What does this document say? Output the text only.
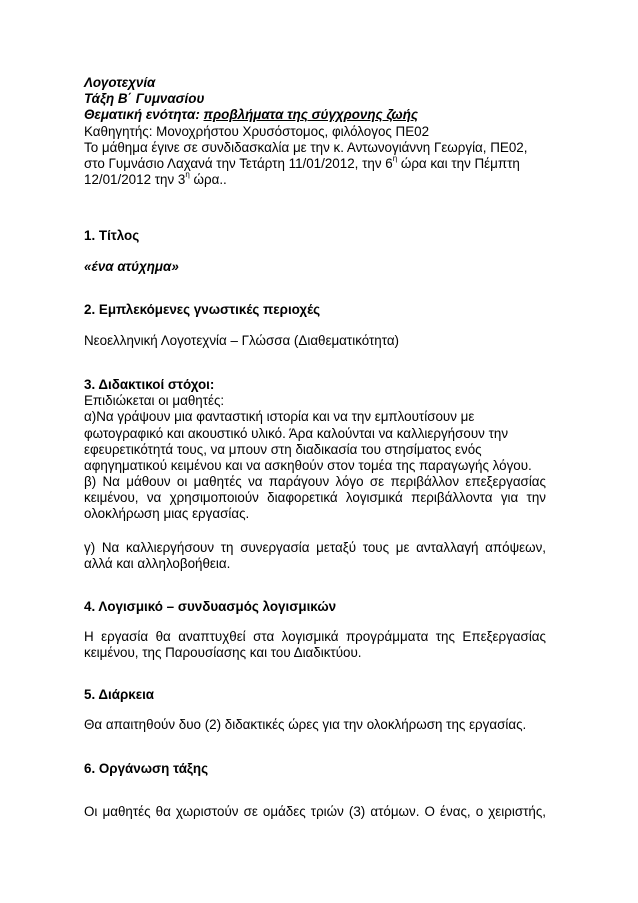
Λογοτεχνία
Τάξη Β΄ Γυμνασίου
Θεματική ενότητα: προβλήματα της σύγχρονης ζωής
Καθηγητής: Μονοχρήστου Χρυσόστομος, φιλόλογος ΠΕ02
Το μάθημα έγινε σε συνδιδασκαλία με την κ. Αντωνογιάννη Γεωργία, ΠΕ02,
στο Γυμνάσιο Λαχανά την Τετάρτη 11/01/2012, την $6^\eta$ ώρα και την Πέμπτη
12/01/2012 την $3^\eta$ ώρα..
1. Τίτλος
«ένα ατύχημα»
2. Εμπλεκόμενες γνωστικές περιοχές
Νεοελληνική Λογοτεχνία – Γλώσσα (Διαθεματικότητα)
3. Διδακτικοί στόχοι:
Επιδιώκεται οι μαθητές:
α)Να γράψουν μια φανταστική ιστορία και να την εμπλουτίσουν με
φωτογραφικό και ακουστικό υλικό. Άρα καλούνται να καλλιεργήσουν την
εφευρετικότητά τους, να μπουν στη διαδικασία του στησίματος ενός
αφηγηματικού κειμένου και να ασκηθούν στον τομέα της παραγωγής λόγου.
β) Να μάθουν οι μαθητές να παράγουν λόγο σε περιβάλλον επεξεργασίας
κειμένου, να χρησιμοποιούν διαφορετικά λογισμικά περιβάλλοντα για την
ολοκλήρωση μιας εργασίας.
γ) Να καλλιεργήσουν τη συνεργασία μεταξύ τους με ανταλλαγή απόψεων,
αλλά και αλληλοβοήθεια.
4. Λογισμικό – συνδυασμός λογισμικών
Η εργασία θα αναπτυχθεί στα λογισμικά προγράμματα της Επεξεργασίας
κειμένου, της Παρουσίασης και του Διαδικτύου.
5. Διάρκεια
Θα απαιτηθούν δυο (2) διδακτικές ώρες για την ολοκλήρωση της εργασίας.
6. Οργάνωση τάξης
Οι μαθητές θα χωριστούν σε ομάδες τριών (3) ατόμων. Ο ένας, ο χειριστής,
